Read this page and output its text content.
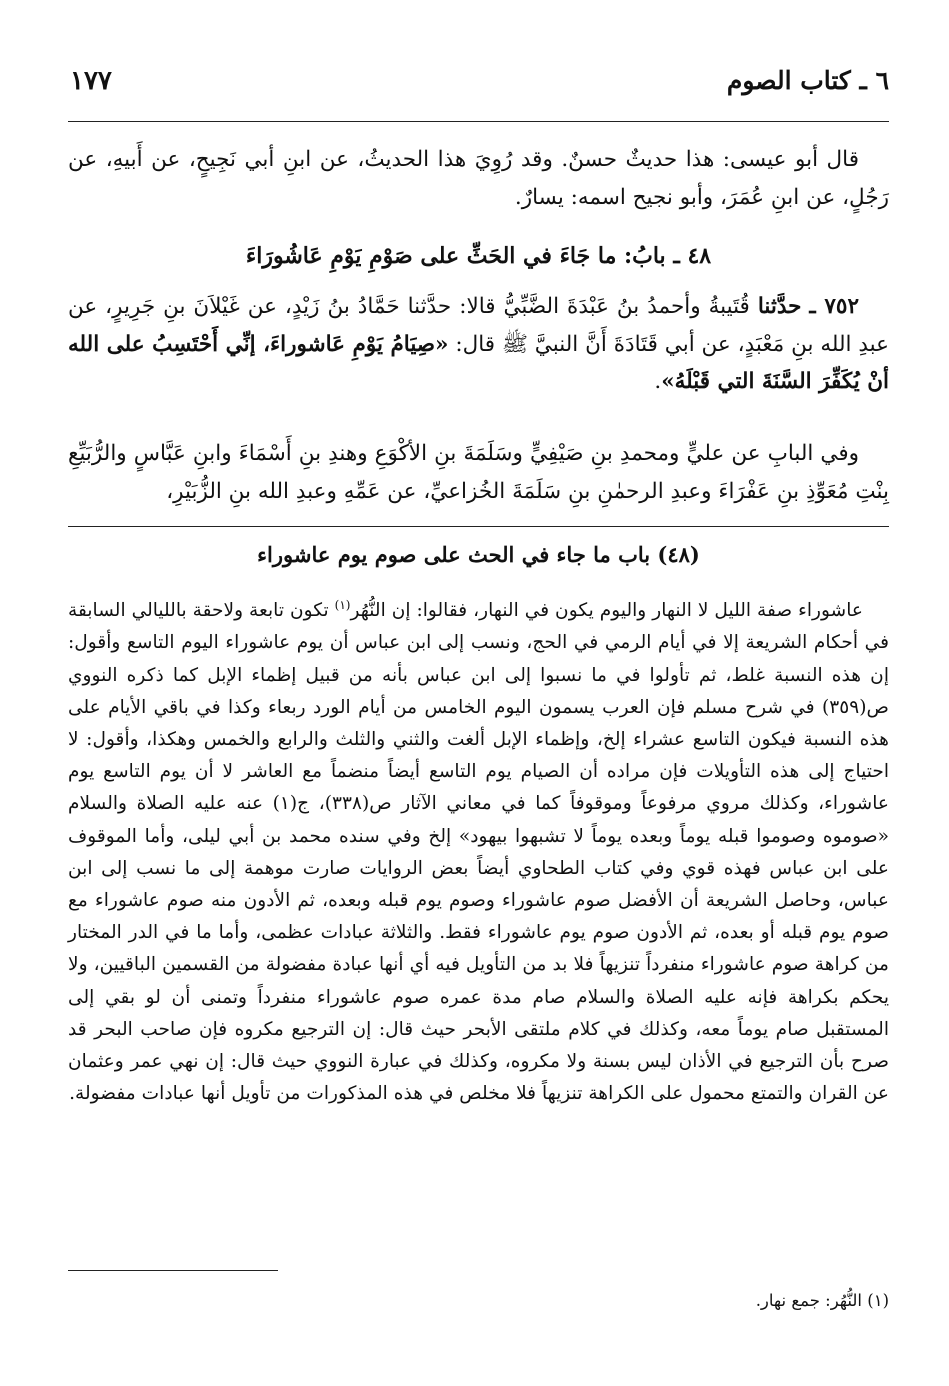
٦ ـ كتاب الصوم
١٧٧
قال أبو عيسى: هذا حديثٌ حسنٌ. وقد رُوِيَ هذا الحديثُ، عن ابنِ أبي نَجِيحٍ، عن أَبيهِ، عن رَجُلٍ، عن ابنِ عُمَرَ، وأبو نجيح اسمه: يسارٌ.
٤٨ ـ بابُ: ما جَاءَ في الحَثِّ على صَوْمِ يَوْمِ عَاشُورَاءَ
٧٥٢ ـ حدَّثنا قُتَيبةُ وأحمدُ بنُ عَبْدَةَ الضَّبِّيُّ قالا: حدَّثنا حَمَّادُ بنُ زَيْدٍ، عن غَيْلاَنَ بنِ جَرِيرٍ، عن عبدِ الله بنِ مَعْبَدٍ، عن أبي قَتَادَةَ أَنَّ النبيَّ ﷺ قال: «صِيَامُ يَوْمِ عَاشوراءَ، إنِّي أَحْتَسِبُ على الله أنْ يُكَفِّرَ السَّنَةَ التي قَبْلَهُ».
وفي البابِ عن عليٍّ ومحمدِ بنِ صَيْفِيٍّ وسَلَمَةَ بنِ الأكْوَعِ وهندِ بنِ أَسْمَاءَ وابنِ عَبَّاسٍ والرُّبَيِّعِ بِنْتِ مُعَوِّذِ بنِ عَفْرَاءَ وعبدِ الرحمٰنِ بنِ سَلَمَةَ الخُزاعيِّ، عن عَمِّهِ وعبدِ الله بنِ الزُّبَيْرِ،
(٤٨) باب ما جاء في الحث على صوم يوم عاشوراء
عاشوراء صفة الليل لا النهار واليوم يكون في النهار، فقالوا: إن النُّهُر$^{(١)}$ تكون تابعة ولاحقة بالليالي السابقة في أحكام الشريعة إلا في أيام الرمي في الحج، ونسب إلى ابن عباس أن يوم عاشوراء اليوم التاسع وأقول: إن هذه النسبة غلط، ثم تأولوا في ما نسبوا إلى ابن عباس بأنه من قبيل إظماء الإبل كما ذكره النووي ص(٣٥٩) في شرح مسلم فإن العرب يسمون اليوم الخامس من أيام الورد ربعاء وكذا في باقي الأيام على هذه النسبة فيكون التاسع عشراء إلخ، وإظماء الإبل ألغت والثني والثلث والرابع والخمس وهكذا، وأقول: لا احتياج إلى هذه التأويلات فإن مراده أن الصيام يوم التاسع أيضاً منضماً مع العاشر لا أن يوم التاسع يوم عاشوراء، وكذلك مروي مرفوعاً وموقوفاً كما في معاني الآثار ص(٣٣٨)، ج(١) عنه عليه الصلاة والسلام «صوموه وصوموا قبله يوماً وبعده يوماً لا تشبهوا بيهود» إلخ وفي سنده محمد بن أبي ليلى، وأما الموقوف على ابن عباس فهذه قوي وفي كتاب الطحاوي أيضاً بعض الروايات صارت موهمة إلى ما نسب إلى ابن عباس، وحاصل الشريعة أن الأفضل صوم عاشوراء وصوم يوم قبله وبعده، ثم الأدون منه صوم عاشوراء مع صوم يوم قبله أو بعده، ثم الأدون صوم يوم عاشوراء فقط. والثلاثة عبادات عظمى، وأما ما في الدر المختار من كراهة صوم عاشوراء منفرداً تنزيهاً فلا بد من التأويل فيه أي أنها عبادة مفضولة من القسمين الباقيين، ولا يحكم بكراهة فإنه عليه الصلاة والسلام صام مدة عمره صوم عاشوراء منفرداً وتمنى أن لو بقي إلى المستقبل صام يوماً معه، وكذلك في كلام ملتقى الأبحر حيث قال: إن الترجيع مكروه فإن صاحب البحر قد صرح بأن الترجيع في الأذان ليس بسنة ولا مكروه، وكذلك في عبارة النووي حيث قال: إن نهي عمر وعثمان عن القران والتمتع محمول على الكراهة تنزيهاً فلا مخلص في هذه المذكورات من تأويل أنها عبادات مفضولة.
(١) النُّهُر: جمع نهار.
